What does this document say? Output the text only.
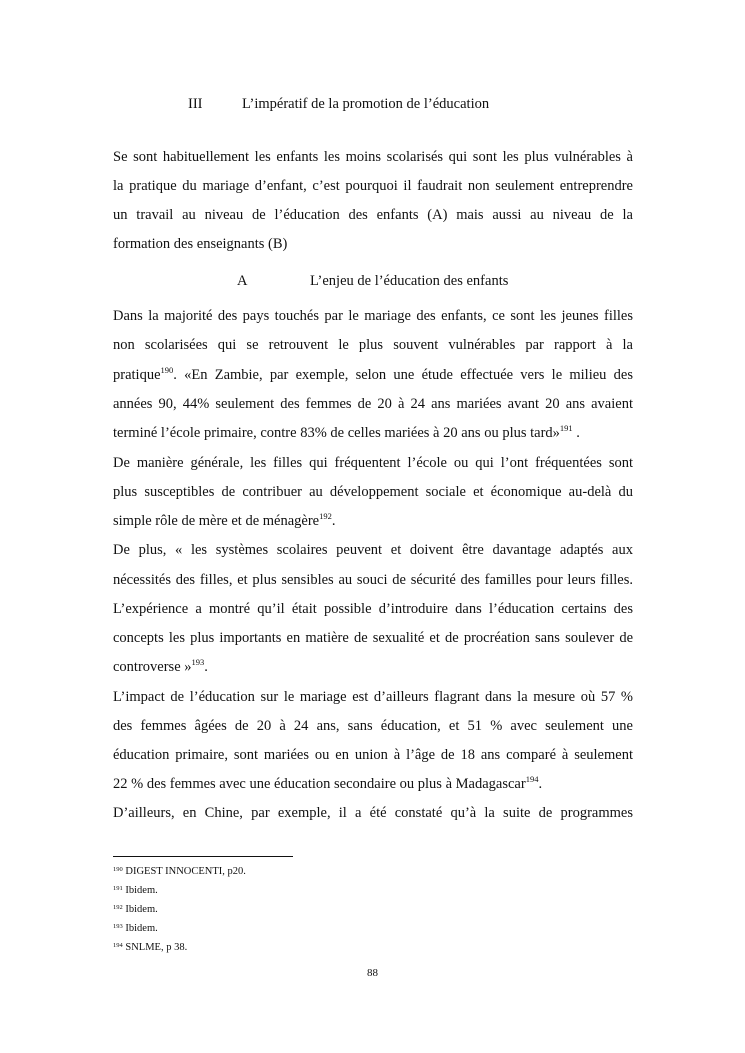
III	L’impératif de la promotion de l’éducation
Se sont habituellement les enfants les moins scolarisés qui sont les plus vulnérables à
la pratique du mariage d’enfant, c’est pourquoi il faudrait non seulement entreprendre
un travail au niveau de l’éducation des enfants (A) mais aussi au niveau de la
formation des enseignants (B)
A	L’enjeu de l’éducation des enfants
Dans la majorité des pays touchés par le mariage des enfants, ce sont les jeunes filles
non scolarisées qui se retrouvent le plus souvent vulnérables par rapport à la
pratique$^{190}$. «En Zambie, par exemple, selon une étude effectuée vers le milieu des
années 90, 44% seulement des femmes de 20 à 24 ans mariées avant 20 ans avaient
terminé l’école primaire, contre 83% de celles mariées à 20 ans ou plus tard»$^{191}$ .
De manière générale, les filles qui fréquentent l’école ou qui l’ont fréquentées sont
plus susceptibles de contribuer au développement sociale et économique au-delà du
simple rôle de mère et de ménagère$^{192}$.
De plus, « les systèmes scolaires peuvent et doivent être davantage adaptés aux
nécessités des filles, et plus sensibles au souci de sécurité des familles pour leurs filles.
L’expérience a montré qu’il était possible d’introduire dans l’éducation certains des
concepts les plus importants en matière de sexualité et de procréation sans soulever de
controverse »$^{193}$.
L’impact de l’éducation sur le mariage est d’ailleurs flagrant dans la mesure où 57 %
des femmes âgées de 20 à 24 ans, sans éducation, et 51 % avec seulement une
éducation primaire, sont mariées ou en union à l’âge de 18 ans comparé à seulement
22 % des femmes avec une éducation secondaire ou plus à Madagascar$^{194}$.
D’ailleurs, en Chine, par exemple, il a été constaté qu’à la suite de programmes
$^{190}$ DIGEST INNOCENTI, p20.
$^{191}$ Ibidem.
$^{192}$ Ibidem.
$^{193}$ Ibidem.
$^{194}$ SNLME, p 38.
88
